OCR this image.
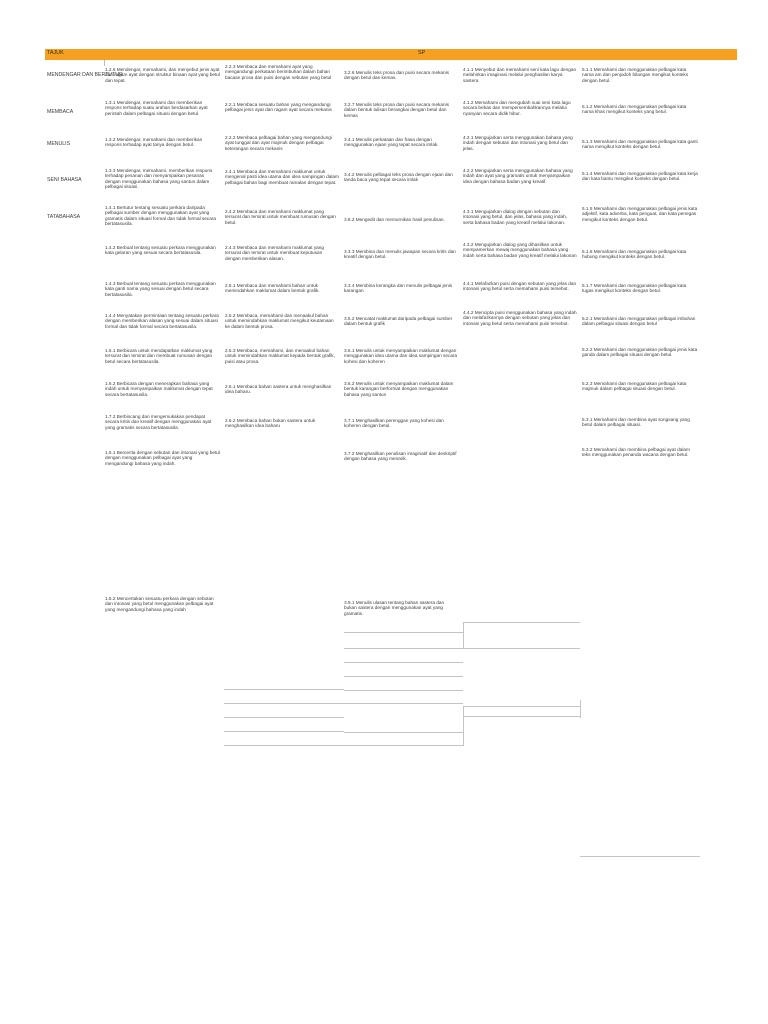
TAJUK	SP
MENDENGAR DAN BERTUTUR
MEMBACA
MENULIS
SENI BAHASA
TATABAHASA
1.2.6 Mendengar, memahami, dan menyebut jenis ayat dan ragam ayat dengan struktur binaan ayat yang betul dan tepat.
1.3.1 Mendengar, memahami dan memberikan respons terhadap suatu arahan berdasarkan ayat perintah dalam pelbagai situasi dengan betul.
1.3.2 Mendengar, memahami dan memberikan respons terhadap ayat tanya dengan betul.
1.3.3 Mendengar, memahami, memberikan respons terhadap pesanan dan menyampaikan pesanan dengan menggunakan bahasa yang santun dalam pelbagai situasi.
1.4.1 Bertutur tentang sesuatu perkara daripada pelbagai sumber dengan menggunakan ayat yang gramatis dalam situasi formal dan tidak formal secara bertatasusila.
1.4.2 Berbual tentang sesuatu perkara menggunakan kata gelaran yang sesuai secara bertatasusila.
1.4.3 Berbual tentang sesuatu perkara menggunakan kata ganti nama yang sesuai dengan betul secara bertatasusila.
1.4.4 Menyatakan permintaan tentang sesuatu perkara dengan memberikan alasan yang sesuai dalam situasi formal dan tidak formal secara bertatasusila.
1.6.1 Berbicara untuk mendapatkan maklumat yang tersurat dan tersirat dan membuat rumusan dengan betul secara bertatasusila.
1.6.2 Berbicara dengan menerapkan bahasa yang indah untuk menyampaikan maklumat dengan tepat secara bertatasusila.
1.7.2 Berbincang dan mengemukakan pendapat secara kritis dan kreatif dengan menggunakan ayat yang gramatis secara bertatasusila.
1.5.1 Bercerita dengan sebutan dan intonasi yang betul dengan menggunakan pelbagai ayat yang mengandungi bahasa yang indah.
1.5.2 Mencertakan sesuatu perkara dengan sebutan dan intonasi yang betul menggunakan pelbagai ayat yang mengandungi bahasa yang indah
2.2.3 Membaca dan memahami ayat yang mengandungi perkataan berimbuhan dalam bahan bacaan prosa dan puisi dengan sebutan yang betul
2.2.1 Membaca sesuatu bahan yang mengandungi pelbagai jenis ayat dan ragam ayat secara mekanis
2.2.2 Membaca pelbagai bahan yang mengandungi ayat tunggal dan ayat majmuk dengan pelbagai keterangan secara mekanis
2.4.1 Membaca dan memahami maklumat untuk mengenal pasti idea utama dan idea sampingan dalam pelbagai bahan bagi membuat ramalan dengan tepat.
2.4.2 Membaca dan memahami maklumat yang tersurat dan tersirat untuk membuat rumusan dengan betul.
2.4.3 Membaca dan memahami maklumat yang tersurat dan tersirat untuk membuat keputusan dengan memberikan alasan.
2.5.1 Membaca dan memahami bahan untuk memindahkan maklumat dalam bentuk grafik.
2.5.2 Membaca, memahami dan menaakul bahan untuk memindahkan maklumat mengikut keutamaan ke dalam bentuk prosa.
2.5.3 Membaca, memahami, dan menaakul bahan untuk memindahkan maklumat kepada bentuk grafik, puisi atau prosa.
2.6.1 Membaca bahan sastera untuk menghasilkan idea baharu.
2.6.2 Membaca bahan bukan sastera untuk menghasilkan idea baharu
3.2.6 Menulis teks prosa dan puisi secara mekanis dengan betul dan kemas.
3.2.7 Menulis teks prosa dan puisi secara mekanis dalam bentuk tulisan berangkai dengan betul dan kemas
3.4.1 Menulis perkataan dan frasa dengan menggunakan ejaan yang tepat secara imlak.
3.4.2 Menulis pelbagai teks prosa dengan ejaan dan tanda baca yang tepat secara imlak
3.8.2 Mengedit dan memurnikan hasil penulisan.
3.3.3 Membina dan menulis jawapan secara kritis dan kreatif dengan betul.
3.3.4 Membina kerangka dan menulis pelbagai jenis karangan
3.5.2 Mencatat maklumat daripada pelbagai sumber dalam bentuk grafik
3.6.1 Menulis untuk menyampaikan maklumat dengan menggunakan idea utama dan idea sampingan secara kohesi dan koheren
3.6.2 Menulis untuk menyampaikan maklumat dalam bentuk karangan berformat dengan menggunakan bahasa yang santun
3.7.1 Menghasilkan perenggan yang kohesi dan koheren dengan betul.
3.7.2 Menghasilkan penulisan imaginatif dan deskriptif dengan bahasa yang menarik.
3.9.1 Menulis ulasan tentang bahan sastera dan bukan sastera dengan menggunakan ayat yang gramatis.
4.1.1 Menyebut dan memahami seni kata lagu dengan melahirkan imaginasi melalui penghasilan karya sastera
4.1.2 Memahami dan mengubah suai seni kata lagu secara bebas dan mempersembahkannya melalui nyanyian secara didik hibur.
4.2.1 Mengujarkan serta menggunakan bahasa yang indah dengan sebutan dan intonasi yang betul dan jelas.
4.2.2 Mengujarkan serta menggunakan bahasa yang indah dan ayat yang gramatis untuk menyampaikan idea dengan bahasa badan yang kreatif.
4.3.1 Mengujarkan dialog dengan sebutan dan intonasi yang betul, dan jelas, bahasa yang indah, serta bahasa badan yang kreatif melalui lakonan.
4.3.2 Mengujarkan dialog yang dihasilkan untuk mempamerkan mewaj menggunakan bahasa yang indah serta bahasa badan yang kreatif melalui lakonan
4.4.1 Melafazkan puisi dengan sebutan yang jelas dan intonasi yang betul serta memahami puisi tersebut.
4.4.2 Mencipta puisi menggunakan bahasa yang indah dan melafazkannya dengan sebutan yang jelas dan intonasi yang betul serta memahami puisi tersebut.
5.1.1 Memahami dan menggunakan pelbagai kata nama am dan penjodoh bilangan mengikut konteks dengan betul.
5.1.2 Memahami dan menggunakan pelbagai kata nama khas mengikut konteks yang betul.
5.1.3 Memahami dan menggunakan pelbagai kata ganti nama mengikut konteks dengan betul.
5.1.4 Memahami dan menggunakan pelbagai kata kerja dan kata bantu mengikut konteks dengan betul.
5.1.5 Memahami dan menggunakan pelbagai jenis kata adjektif, kata adverba, kata penguat, dan kata penegas mengikut konteks dengan betul.
5.1.6 Memahami dan menggunakan pelbagai kata hubung mengikut konteks dengan betul.
5.1.7 Memahami dan menggunakan pelbagai kata tugas mengikut konteks dengan betul.
5.2.1 Memahami dan menggunakan pelbagai imbuhan dalam pelbagai situasi dengan betul
5.2.2 Memahami dan menggunakan pelbagai jenis kata ganda dalam pelbagai situasi dengan betul.
5.2.3 Memahami dan menggunakan pelbagai kata majmuk dalam pelbagai situasi dengan betul.
5.3.1 Memahami dan membina ayat songsang yang betul dalam pelbagai situasi.
5.3.2 Memahami dan membina pelbagai ayat dalam teks menggunakan penanda wacana dengan betul.
